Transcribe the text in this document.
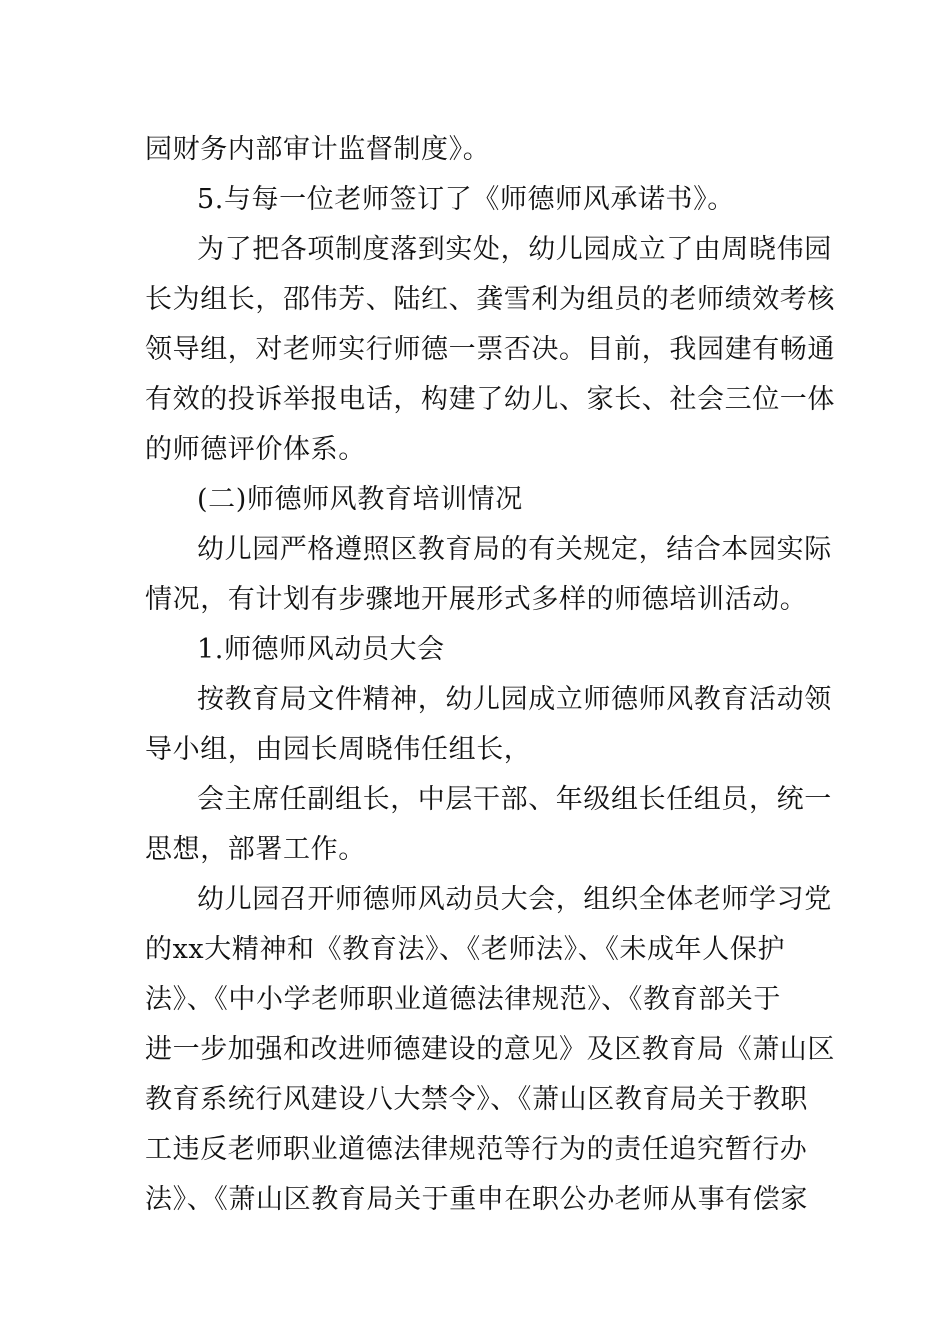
园财务内部审计监督制度》。
5.与每一位老师签订了《师德师风承诺书》。
为了把各项制度落到实处，幼儿园成立了由周晓伟园
长为组长，邵伟芳、陆红、龚雪利为组员的老师绩效考核
领导组，对老师实行师德一票否决。目前，我园建有畅通
有效的投诉举报电话，构建了幼儿、家长、社会三位一体
的师德评价体系。
(二)师德师风教育培训情况
幼儿园严格遵照区教育局的有关规定，结合本园实际
情况，有计划有步骤地开展形式多样的师德培训活动。
1.师德师风动员大会
按教育局文件精神，幼儿园成立师德师风教育活动领
导小组，由园长周晓伟任组长，
会主席任副组长，中层干部、年级组长任组员，统一
思想，部署工作。
幼儿园召开师德师风动员大会，组织全体老师学习党
的xx大精神和《教育法》、《老师法》、《未成年人保护
法》、《中小学老师职业道德法律规范》、《教育部关于
进一步加强和改进师德建设的意见》及区教育局《萧山区
教育系统行风建设八大禁令》、《萧山区教育局关于教职
工违反老师职业道德法律规范等行为的责任追究暂行办
法》、《萧山区教育局关于重申在职公办老师从事有偿家
